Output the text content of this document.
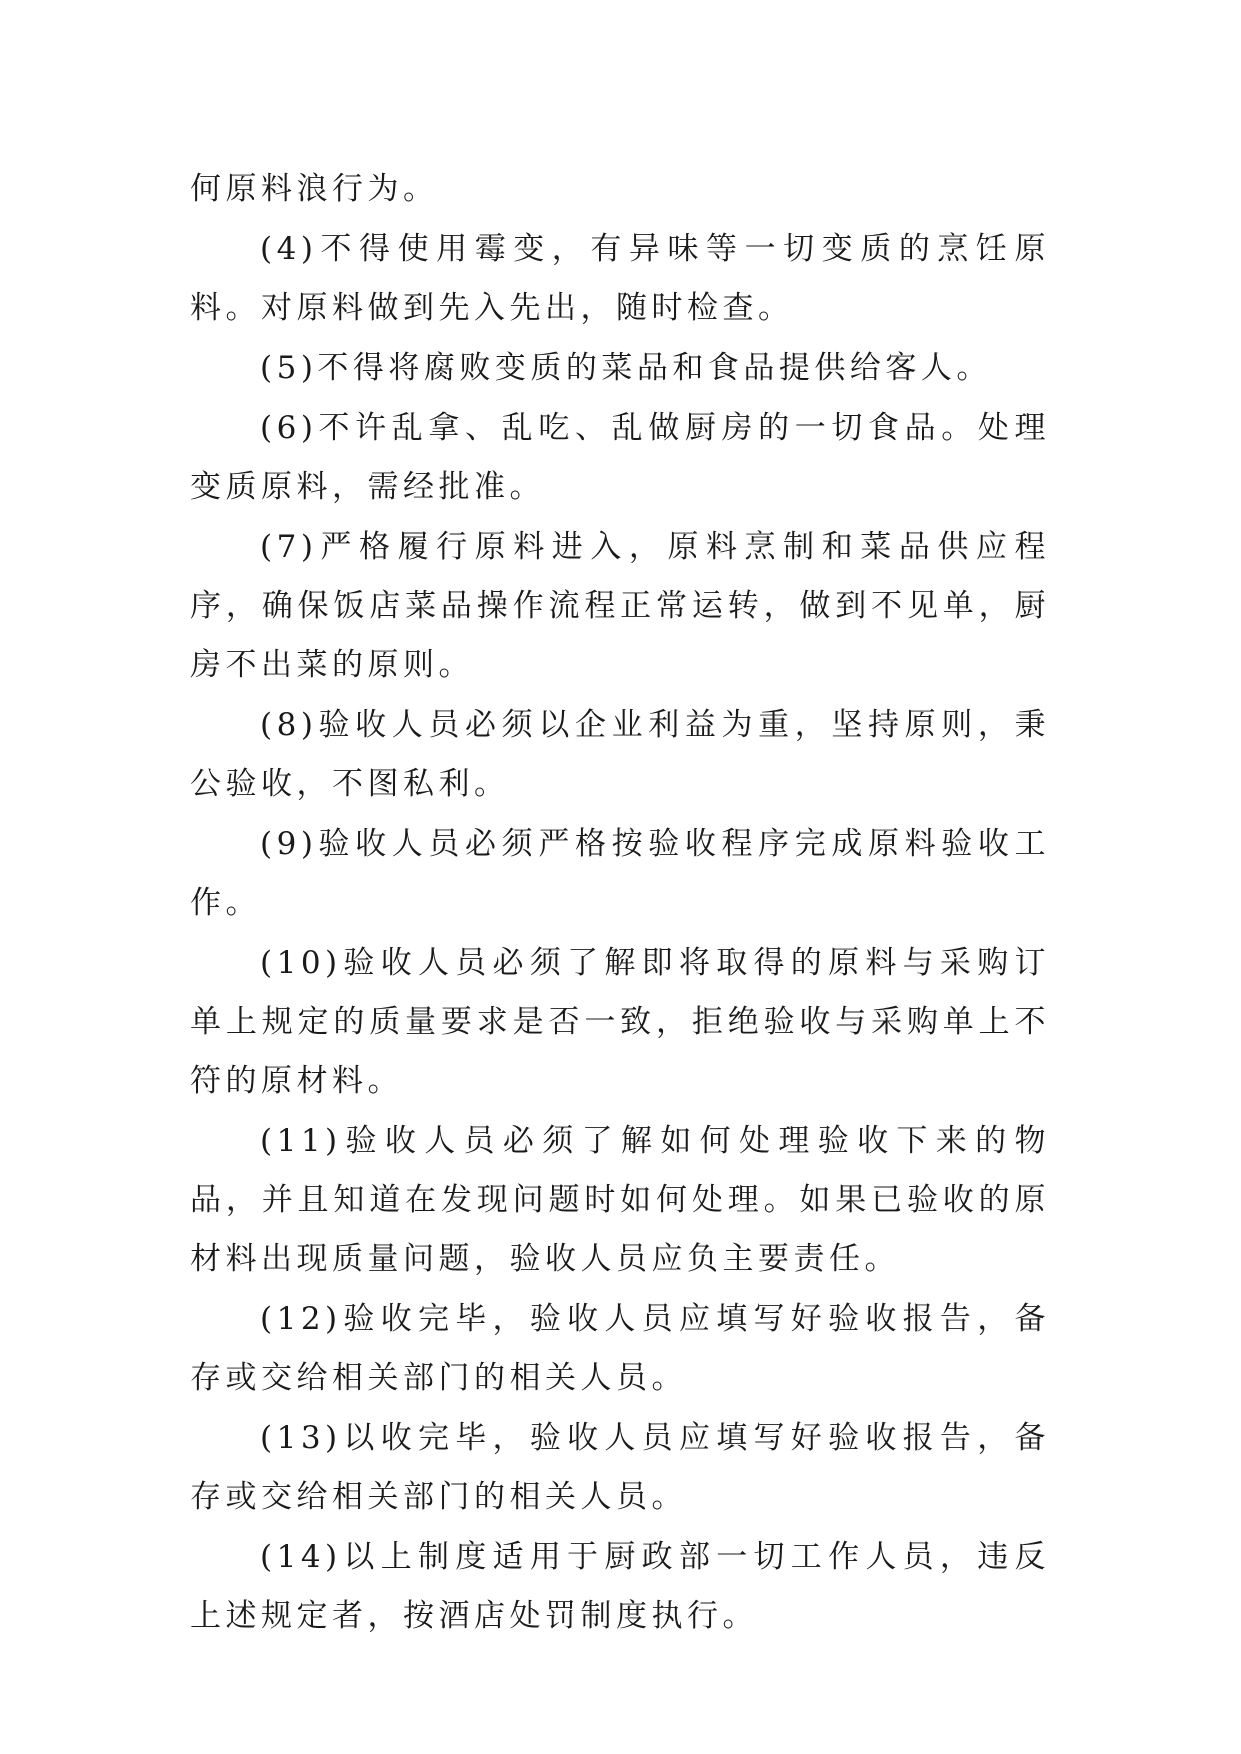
何原料浪行为。

(4)不得使用霉变，有异味等一切变质的烹饪原料。对原料做到先入先出，随时检查。

(5)不得将腐败变质的菜品和食品提供给客人。

(6)不许乱拿、乱吃、乱做厨房的一切食品。处理变质原料，需经批准。

(7)严格履行原料进入，原料烹制和菜品供应程序，确保饭店菜品操作流程正常运转，做到不见单，厨房不出菜的原则。

(8)验收人员必须以企业利益为重，坚持原则，秉公验收，不图私利。

(9)验收人员必须严格按验收程序完成原料验收工作。

(10)验收人员必须了解即将取得的原料与采购订单上规定的质量要求是否一致，拒绝验收与采购单上不符的原材料。

(11)验收人员必须了解如何处理验收下来的物品，并且知道在发现问题时如何处理。如果已验收的原材料出现质量问题，验收人员应负主要责任。

(12)验收完毕，验收人员应填写好验收报告，备存或交给相关部门的相关人员。

(13)以收完毕，验收人员应填写好验收报告，备存或交给相关部门的相关人员。

(14)以上制度适用于厨政部一切工作人员，违反上述规定者，按酒店处罚制度执行。
